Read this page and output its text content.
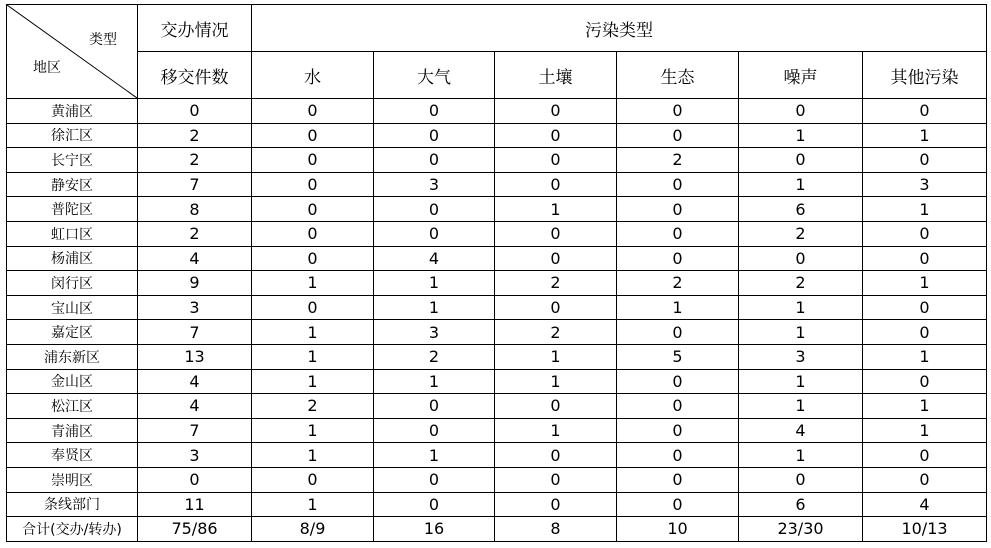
类型
地区	交办情况	污染类型					
	移交件数	水	大气	土壤	生态	噪声	其他污染
黄浦区	0	0	0	0	0	0	0
徐汇区	2	0	0	0	0	1	1
长宁区	2	0	0	0	2	0	0
静安区	7	0	3	0	0	1	3
普陀区	8	0	0	1	0	6	1
虹口区	2	0	0	0	0	2	0
杨浦区	4	0	4	0	0	0	0
闵行区	9	1	1	2	2	2	1
宝山区	3	0	1	0	1	1	0
嘉定区	7	1	3	2	0	1	0
浦东新区	13	1	2	1	5	3	1
金山区	4	1	1	1	0	1	0
松江区	4	2	0	0	0	1	1
青浦区	7	1	0	1	0	4	1
奉贤区	3	1	1	0	0	1	0
崇明区	0	0	0	0	0	0	0
条线部门	11	1	0	0	0	6	4
合计(交办/转办)	75/86	8/9	16	8	10	23/30	10/13
